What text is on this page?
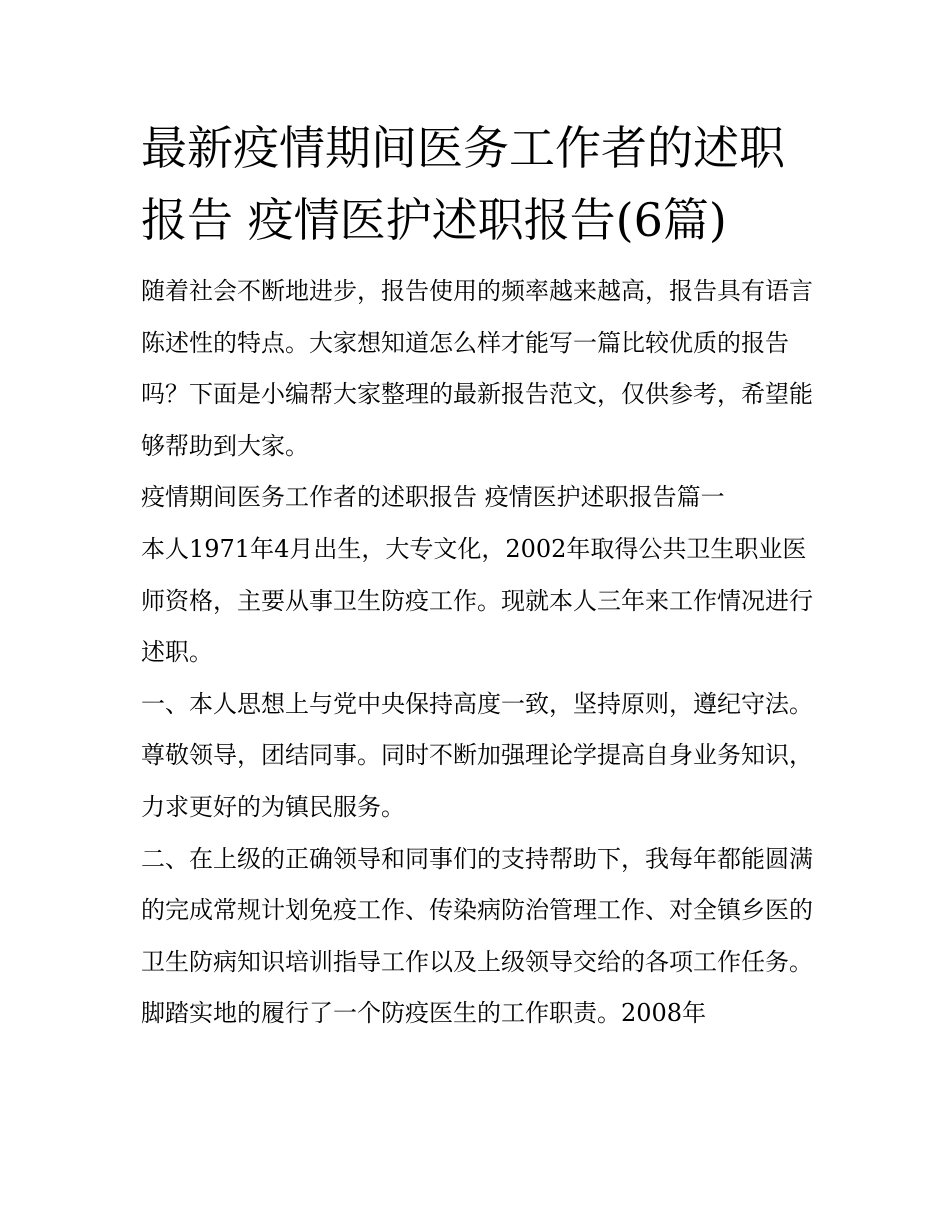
最新疫情期间医务工作者的述职报告 疫情医护述职报告(6篇)

随着社会不断地进步，报告使用的频率越来越高，报告具有语言陈述性的特点。大家想知道怎么样才能写一篇比较优质的报告吗？下面是小编帮大家整理的最新报告范文，仅供参考，希望能够帮助到大家。

疫情期间医务工作者的述职报告 疫情医护述职报告篇一

本人1971年4月出生，大专文化，2002年取得公共卫生职业医师资格，主要从事卫生防疫工作。现就本人三年来工作情况进行述职。

一、本人思想上与党中央保持高度一致，坚持原则，遵纪守法。尊敬领导，团结同事。同时不断加强理论学提高自身业务知识，力求更好的为镇民服务。

二、在上级的正确领导和同事们的支持帮助下，我每年都能圆满的完成常规计划免疫工作、传染病防治管理工作、对全镇乡医的卫生防病知识培训指导工作以及上级领导交给的各项工作任务。脚踏实地的履行了一个防疫医生的工作职责。2008年
